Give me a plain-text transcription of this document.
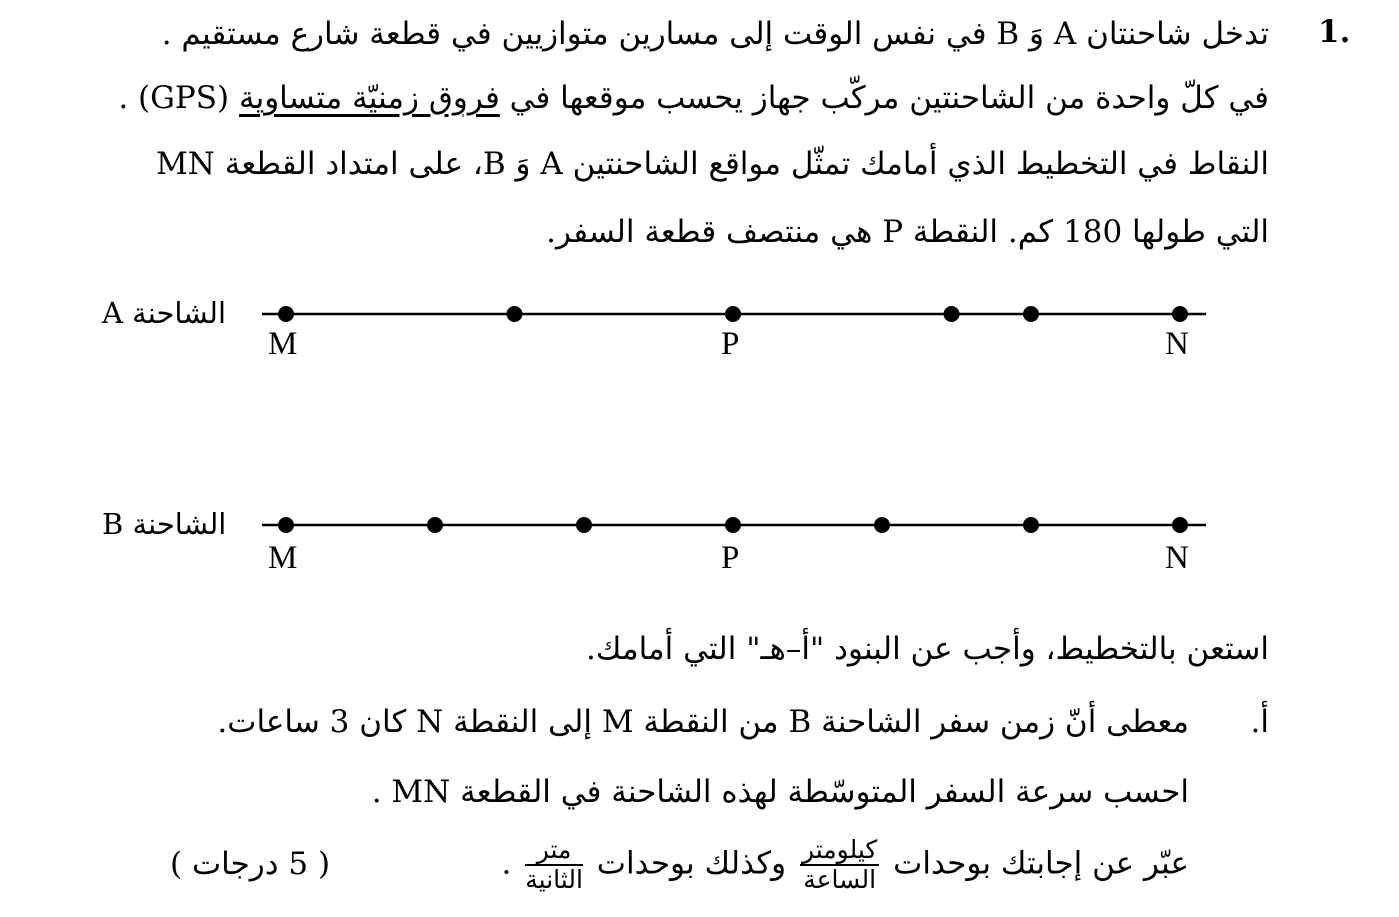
1.
تدخل شاحنتان A وَ B في نفس الوقت إلى مسارين متوازيين في قطعة شارع مستقيم .
في كلّ واحدة من الشاحنتين مركّب جهاز يحسب موقعها في فروق زمنيّة متساوية (GPS) .
النقاط في التخطيط الذي أمامك تمثّل مواقع الشاحنتين A وَ B، على امتداد القطعة MN
التي طولها 180 كم. النقطة P هي منتصف قطعة السفر.
الشاحنة A
M	P	N
الشاحنة B
M	P	N
استعن بالتخطيط، وأجب عن البنود "أ–هـ" التي أمامك.
أ.
معطى أنّ زمن سفر الشاحنة B من النقطة M إلى النقطة N كان 3 ساعات.
احسب سرعة السفر المتوسّطة لهذه الشاحنة في القطعة MN .
عبّر عن إجابتك بوحدات
$\frac{\text{كيلومتر}}{\text{الساعة}}$
وكذلك بوحدات
$\frac{\text{متر}}{\text{الثانية}}$
.
( 5 درجات )
